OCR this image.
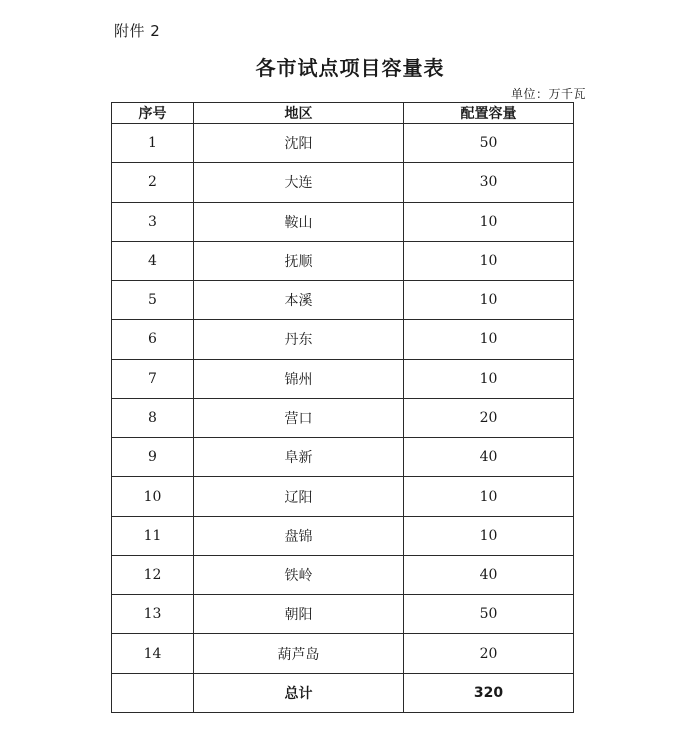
附件 2
各市试点项目容量表
单位：万千瓦
序号	地区	配置容量
1	沈阳	50
2	大连	30
3	鞍山	10
4	抚顺	10
5	本溪	10
6	丹东	10
7	锦州	10
8	营口	20
9	阜新	40
10	辽阳	10
11	盘锦	10
12	铁岭	40
13	朝阳	50
14	葫芦岛	20
	总计	320
